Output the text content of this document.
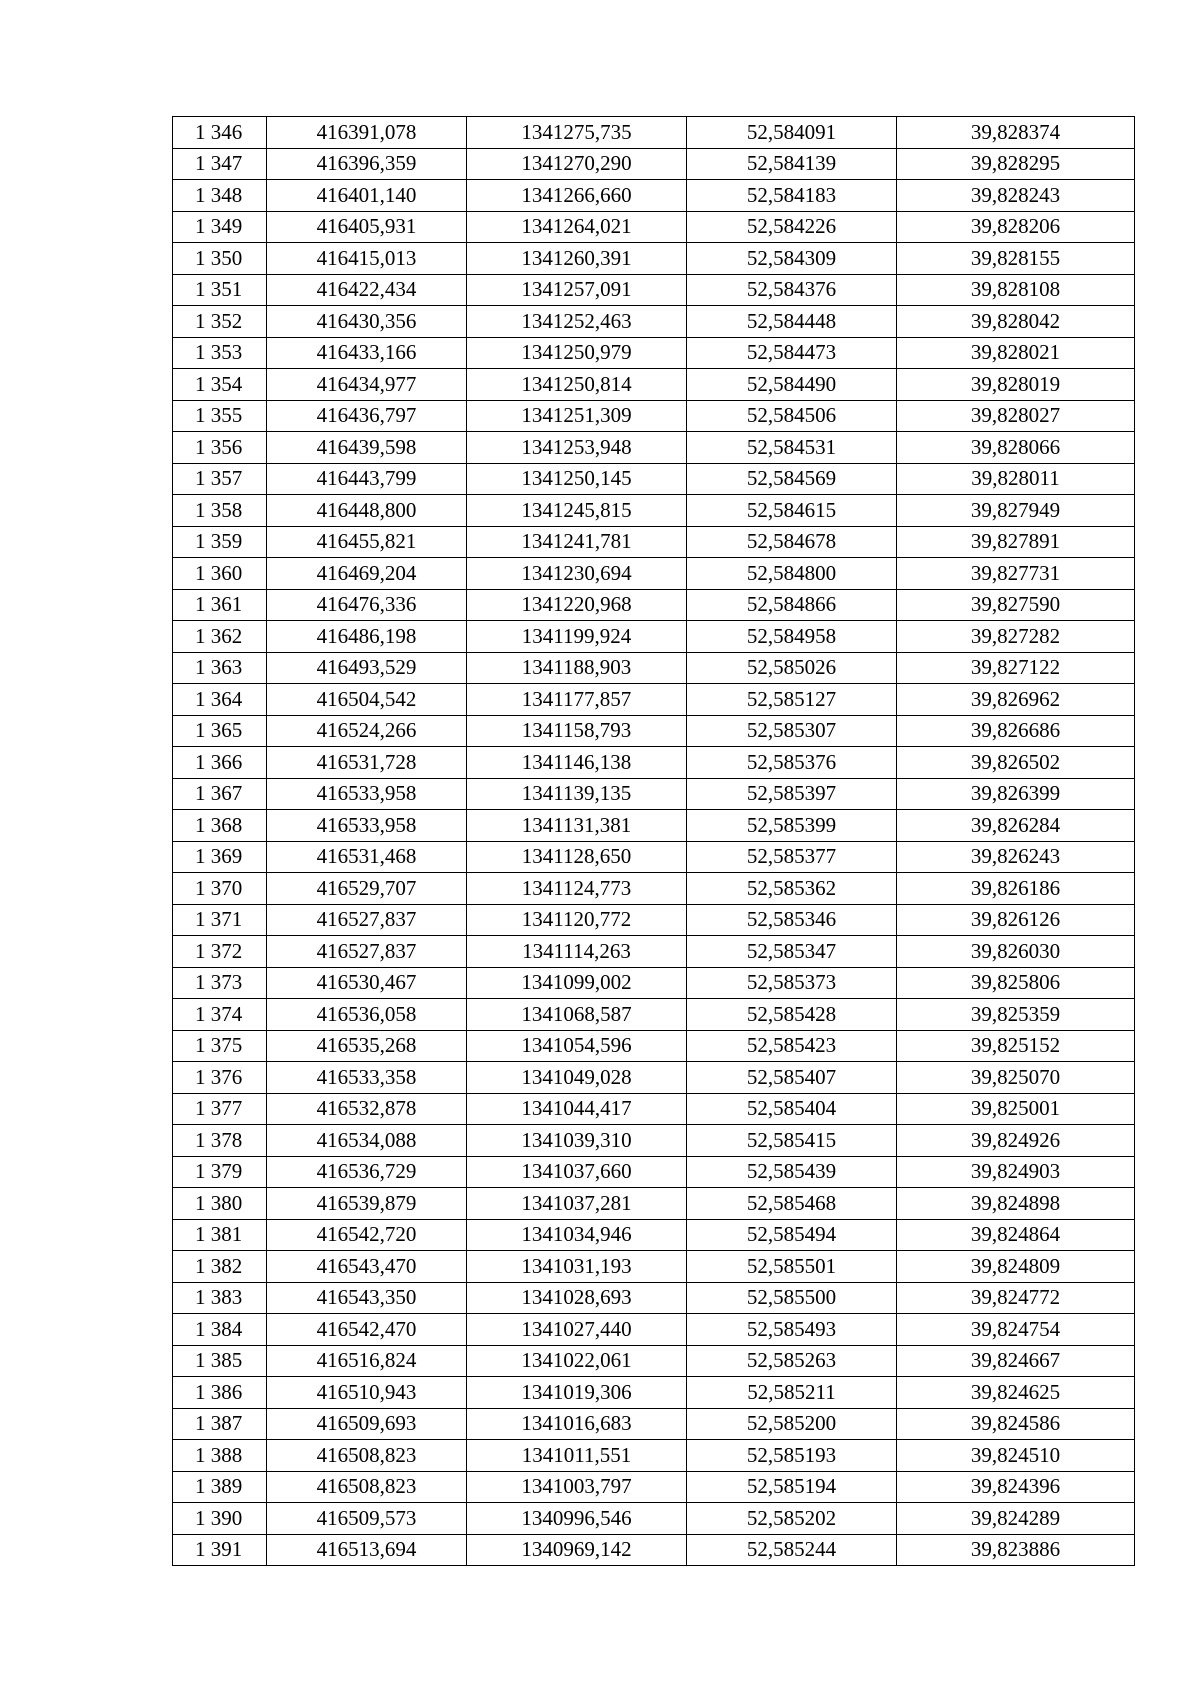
1 346	416391,078	1341275,735	52,584091	39,828374
1 347	416396,359	1341270,290	52,584139	39,828295
1 348	416401,140	1341266,660	52,584183	39,828243
1 349	416405,931	1341264,021	52,584226	39,828206
1 350	416415,013	1341260,391	52,584309	39,828155
1 351	416422,434	1341257,091	52,584376	39,828108
1 352	416430,356	1341252,463	52,584448	39,828042
1 353	416433,166	1341250,979	52,584473	39,828021
1 354	416434,977	1341250,814	52,584490	39,828019
1 355	416436,797	1341251,309	52,584506	39,828027
1 356	416439,598	1341253,948	52,584531	39,828066
1 357	416443,799	1341250,145	52,584569	39,828011
1 358	416448,800	1341245,815	52,584615	39,827949
1 359	416455,821	1341241,781	52,584678	39,827891
1 360	416469,204	1341230,694	52,584800	39,827731
1 361	416476,336	1341220,968	52,584866	39,827590
1 362	416486,198	1341199,924	52,584958	39,827282
1 363	416493,529	1341188,903	52,585026	39,827122
1 364	416504,542	1341177,857	52,585127	39,826962
1 365	416524,266	1341158,793	52,585307	39,826686
1 366	416531,728	1341146,138	52,585376	39,826502
1 367	416533,958	1341139,135	52,585397	39,826399
1 368	416533,958	1341131,381	52,585399	39,826284
1 369	416531,468	1341128,650	52,585377	39,826243
1 370	416529,707	1341124,773	52,585362	39,826186
1 371	416527,837	1341120,772	52,585346	39,826126
1 372	416527,837	1341114,263	52,585347	39,826030
1 373	416530,467	1341099,002	52,585373	39,825806
1 374	416536,058	1341068,587	52,585428	39,825359
1 375	416535,268	1341054,596	52,585423	39,825152
1 376	416533,358	1341049,028	52,585407	39,825070
1 377	416532,878	1341044,417	52,585404	39,825001
1 378	416534,088	1341039,310	52,585415	39,824926
1 379	416536,729	1341037,660	52,585439	39,824903
1 380	416539,879	1341037,281	52,585468	39,824898
1 381	416542,720	1341034,946	52,585494	39,824864
1 382	416543,470	1341031,193	52,585501	39,824809
1 383	416543,350	1341028,693	52,585500	39,824772
1 384	416542,470	1341027,440	52,585493	39,824754
1 385	416516,824	1341022,061	52,585263	39,824667
1 386	416510,943	1341019,306	52,585211	39,824625
1 387	416509,693	1341016,683	52,585200	39,824586
1 388	416508,823	1341011,551	52,585193	39,824510
1 389	416508,823	1341003,797	52,585194	39,824396
1 390	416509,573	1340996,546	52,585202	39,824289
1 391	416513,694	1340969,142	52,585244	39,823886
